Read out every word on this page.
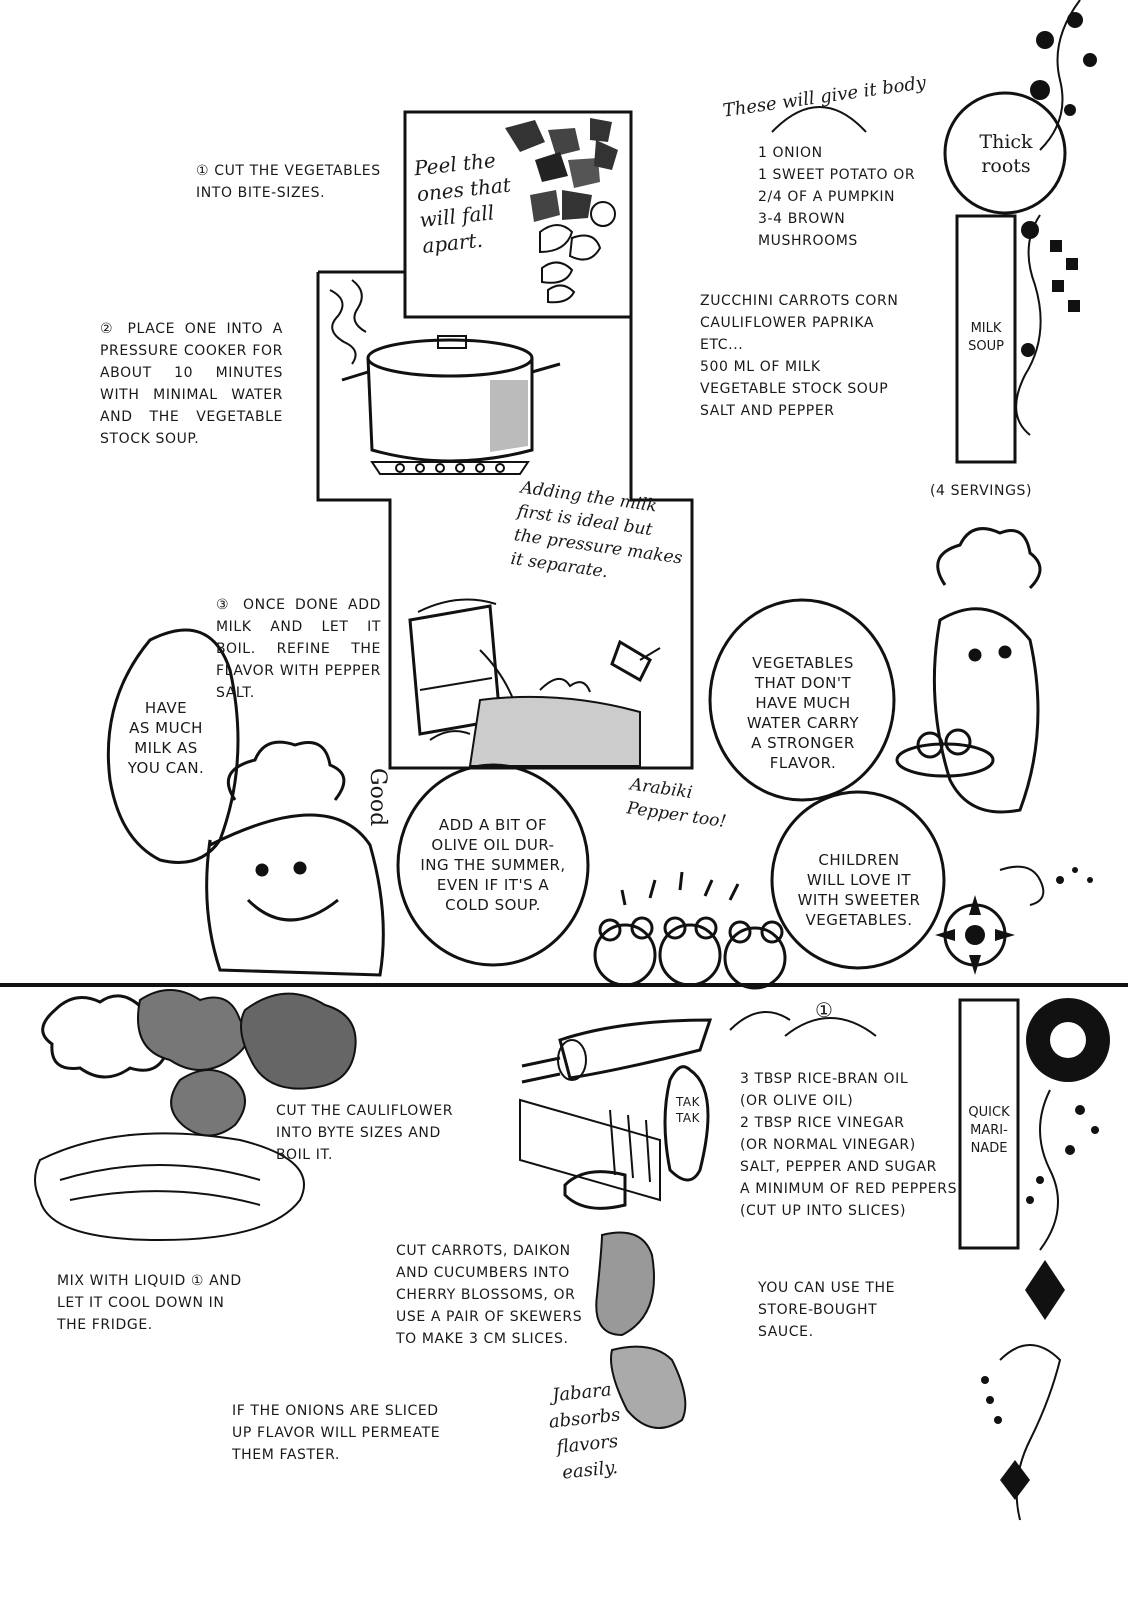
① CUT THE VEGETABLES INTO BITE-SIZES.
② PLACE ONE INTO A PRESSURE COOKER FOR ABOUT 10 MINUTES WITH MINIMAL WATER AND THE VEGETABLE STOCK SOUP.
③ ONCE DONE ADD MILK AND LET IT BOIL. REFINE THE FLAVOR WITH PEPPER SALT.
Peel the
ones that
will fall
apart.
Adding the milk
first is ideal but
the pressure makes
it separate.
These will give it body
1 ONION
1 SWEET POTATO OR
2/4 OF A PUMPKIN
3-4 BROWN
MUSHROOMS
ZUCCHINI CARROTS CORN
CAULIFLOWER PAPRIKA
ETC...
500 ML OF MILK
VEGETABLE STOCK SOUP
SALT AND PEPPER
Thick
roots
MILK
SOUP
(4 SERVINGS)
HAVE
AS MUCH
MILK AS
YOU CAN.
ADD A BIT OF
OLIVE OIL DUR-
ING THE SUMMER,
EVEN IF IT'S A
COLD SOUP.
VEGETABLES
THAT DON'T
HAVE MUCH
WATER CARRY
A STRONGER
FLAVOR.
CHILDREN
WILL LOVE IT
WITH SWEETER
VEGETABLES.
Good	Arabiki
Pepper too!
CUT THE CAULIFLOWER
INTO BYTE SIZES AND
BOIL IT.
MIX WITH LIQUID ① AND
LET IT COOL DOWN IN
THE FRIDGE.
IF THE ONIONS ARE SLICED
UP FLAVOR WILL PERMEATE
THEM FASTER.
CUT CARROTS, DAIKON
AND CUCUMBERS INTO
CHERRY BLOSSOMS, OR
USE A PAIR OF SKEWERS
TO MAKE 3 CM SLICES.
Jabara
absorbs
flavors
easily.
TAK
TAK
①
3 TBSP RICE-BRAN OIL
(OR OLIVE OIL)
2 TBSP RICE VINEGAR
(OR NORMAL VINEGAR)
SALT, PEPPER AND SUGAR
A MINIMUM OF RED PEPPERS
(CUT UP INTO SLICES)
YOU CAN USE THE
STORE-BOUGHT SAUCE.
QUICK
MARI-
NADE
